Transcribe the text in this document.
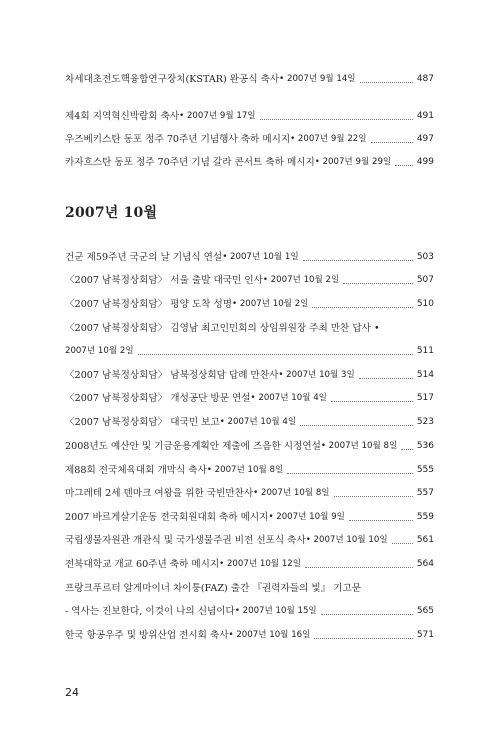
차세대초전도핵융합연구장치(KSTAR) 완공식 축사 • 2007년 9월 14일	487
제4회 지역혁신박람회 축사 • 2007년 9월 17일	491
우즈베키스탄 동포 정주 70주년 기념행사 축하 메시지 • 2007년 9월 22일	497
카자흐스탄 동포 정주 70주년 기념 갈라 콘서트 축하 메시지 • 2007년 9월 29일	499
2007년 10월
건군 제59주년 국군의 날 기념식 연설 • 2007년 10월 1일	503
〈2007 남북정상회담〉 서울 출발 대국민 인사 • 2007년 10월 2일	507
〈2007 남북정상회담〉 평양 도착 성명 • 2007년 10월 2일	510
〈2007 남북정상회담〉 김영남 최고인민회의 상임위원장 주최 만찬 답사 •
2007년 10월 2일	511
〈2007 남북정상회담〉 남북정상회담 답례 만찬사 • 2007년 10월 3일	514
〈2007 남북정상회담〉 개성공단 방문 연설 • 2007년 10월 4일	517
〈2007 남북정상회담〉 대국민 보고 • 2007년 10월 4일	523
2008년도 예산안 및 기금운용계획안 제출에 즈음한 시정연설 • 2007년 10월 8일 536
제88회 전국체육대회 개막식 축사 • 2007년 10월 8일	555
마그레테 2세 덴마크 여왕을 위한 국빈만찬사 • 2007년 10월 8일	557
2007 바르게살기운동 전국회원대회 축하 메시지 • 2007년 10월 9일	559
국립생물자원관 개관식 및 국가생물주권 비전 선포식 축사 • 2007년 10월 10일	561
전북대학교 개교 60주년 축하 메시지 • 2007년 10월 12일	564
프랑크푸르터 알게마이너 차이퉁(FAZ) 출간 『권력자들의 빛』 기고문
- 역사는 진보한다, 이것이 나의 신념이다 • 2007년 10월 15일	565
한국 항공우주 및 방위산업 전시회 축사 • 2007년 10월 16일	571
24
